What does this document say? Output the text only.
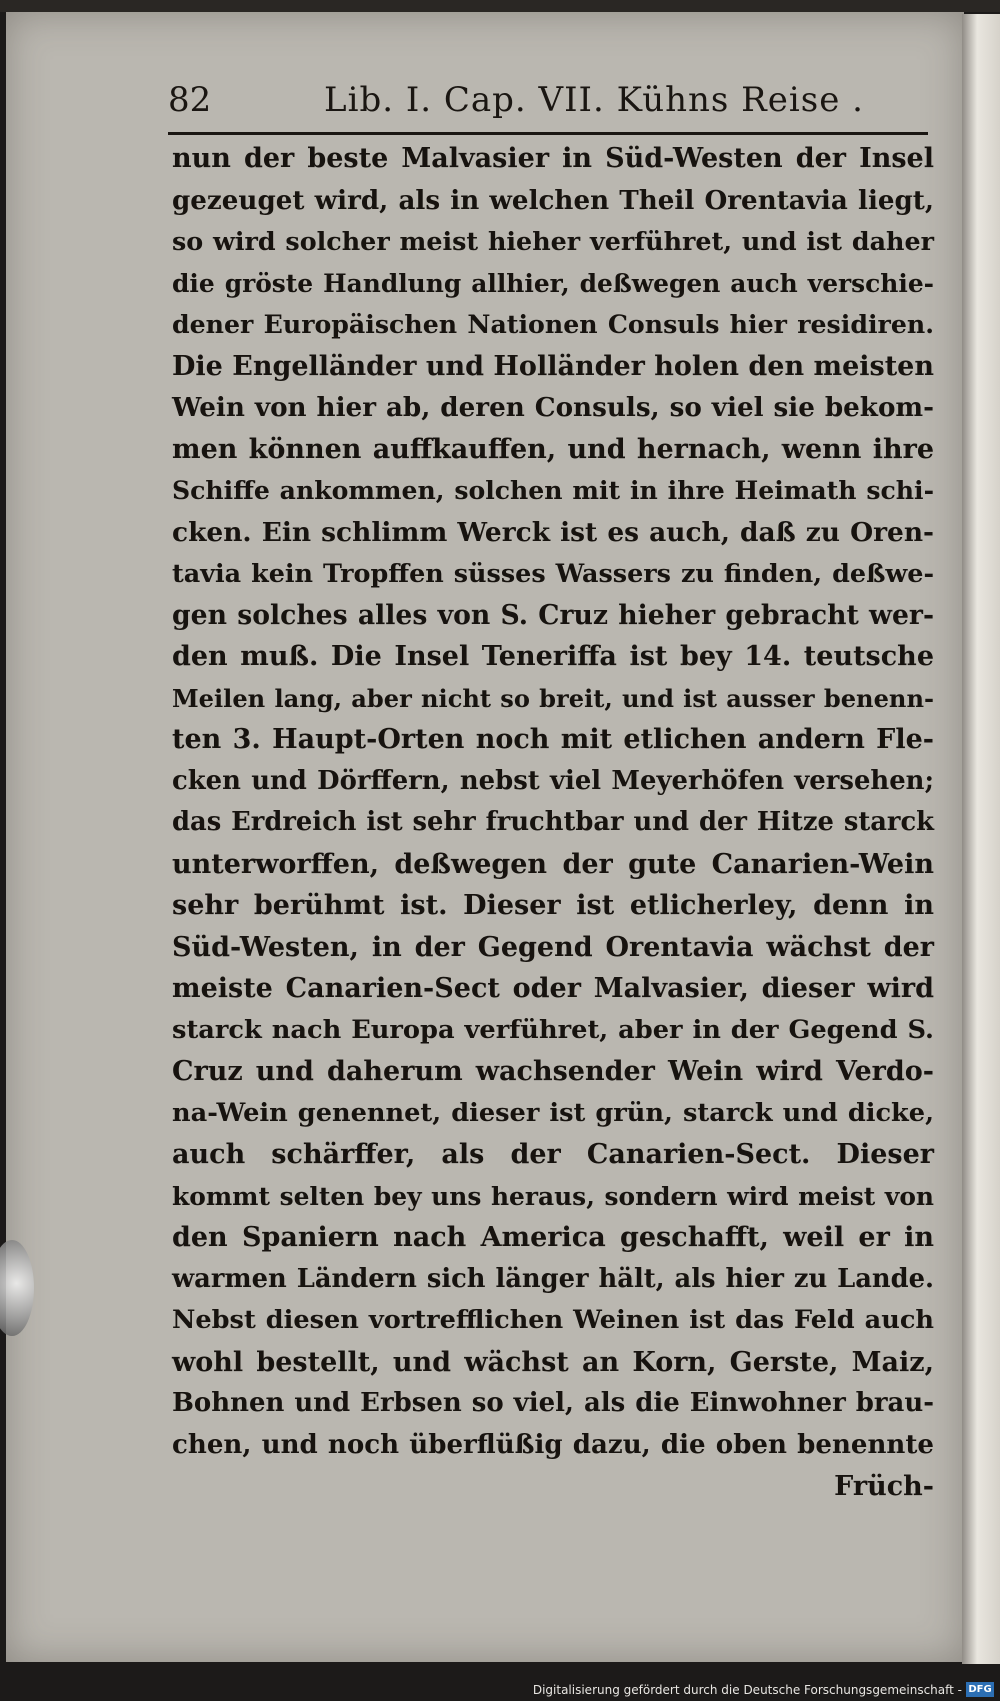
82	Lib. I. Cap. VII. Kühns Reise .
nun der beste Malvasier in Süd-Westen der Insel
gezeuget wird, als in welchen Theil Orentavia liegt,
so wird solcher meist hieher verführet, und ist daher
die gröste Handlung allhier, deßwegen auch verschie-
dener Europäischen Nationen Consuls hier residiren.
Die Engelländer und Holländer holen den meisten
Wein von hier ab, deren Consuls, so viel sie bekom-
men können auffkauffen, und hernach, wenn ihre
Schiffe ankommen, solchen mit in ihre Heimath schi-
cken. Ein schlimm Werck ist es auch, daß zu Oren-
tavia kein Tropffen süsses Wassers zu finden, deßwe-
gen solches alles von S. Cruz hieher gebracht wer-
den muß. Die Insel Teneriffa ist bey 14. teutsche
Meilen lang, aber nicht so breit, und ist ausser benenn-
ten 3. Haupt-Orten noch mit etlichen andern Fle-
cken und Dörffern, nebst viel Meyerhöfen versehen;
das Erdreich ist sehr fruchtbar und der Hitze starck
unterworffen, deßwegen der gute Canarien-Wein
sehr berühmt ist. Dieser ist etlicherley, denn in
Süd-Westen, in der Gegend Orentavia wächst der
meiste Canarien-Sect oder Malvasier, dieser wird
starck nach Europa verführet, aber in der Gegend S.
Cruz und daherum wachsender Wein wird Verdo-
na-Wein genennet, dieser ist grün, starck und dicke,
auch schärffer, als der Canarien-Sect. Dieser
kommt selten bey uns heraus, sondern wird meist von
den Spaniern nach America geschafft, weil er in
warmen Ländern sich länger hält, als hier zu Lande.
Nebst diesen vortrefflichen Weinen ist das Feld auch
wohl bestellt, und wächst an Korn, Gerste, Maiz,
Bohnen und Erbsen so viel, als die Einwohner brau-
chen, und noch überflüßig dazu, die oben benennte
Früch-
Digitalisierung gefördert durch die Deutsche Forschungsgemeinschaft - DFG
